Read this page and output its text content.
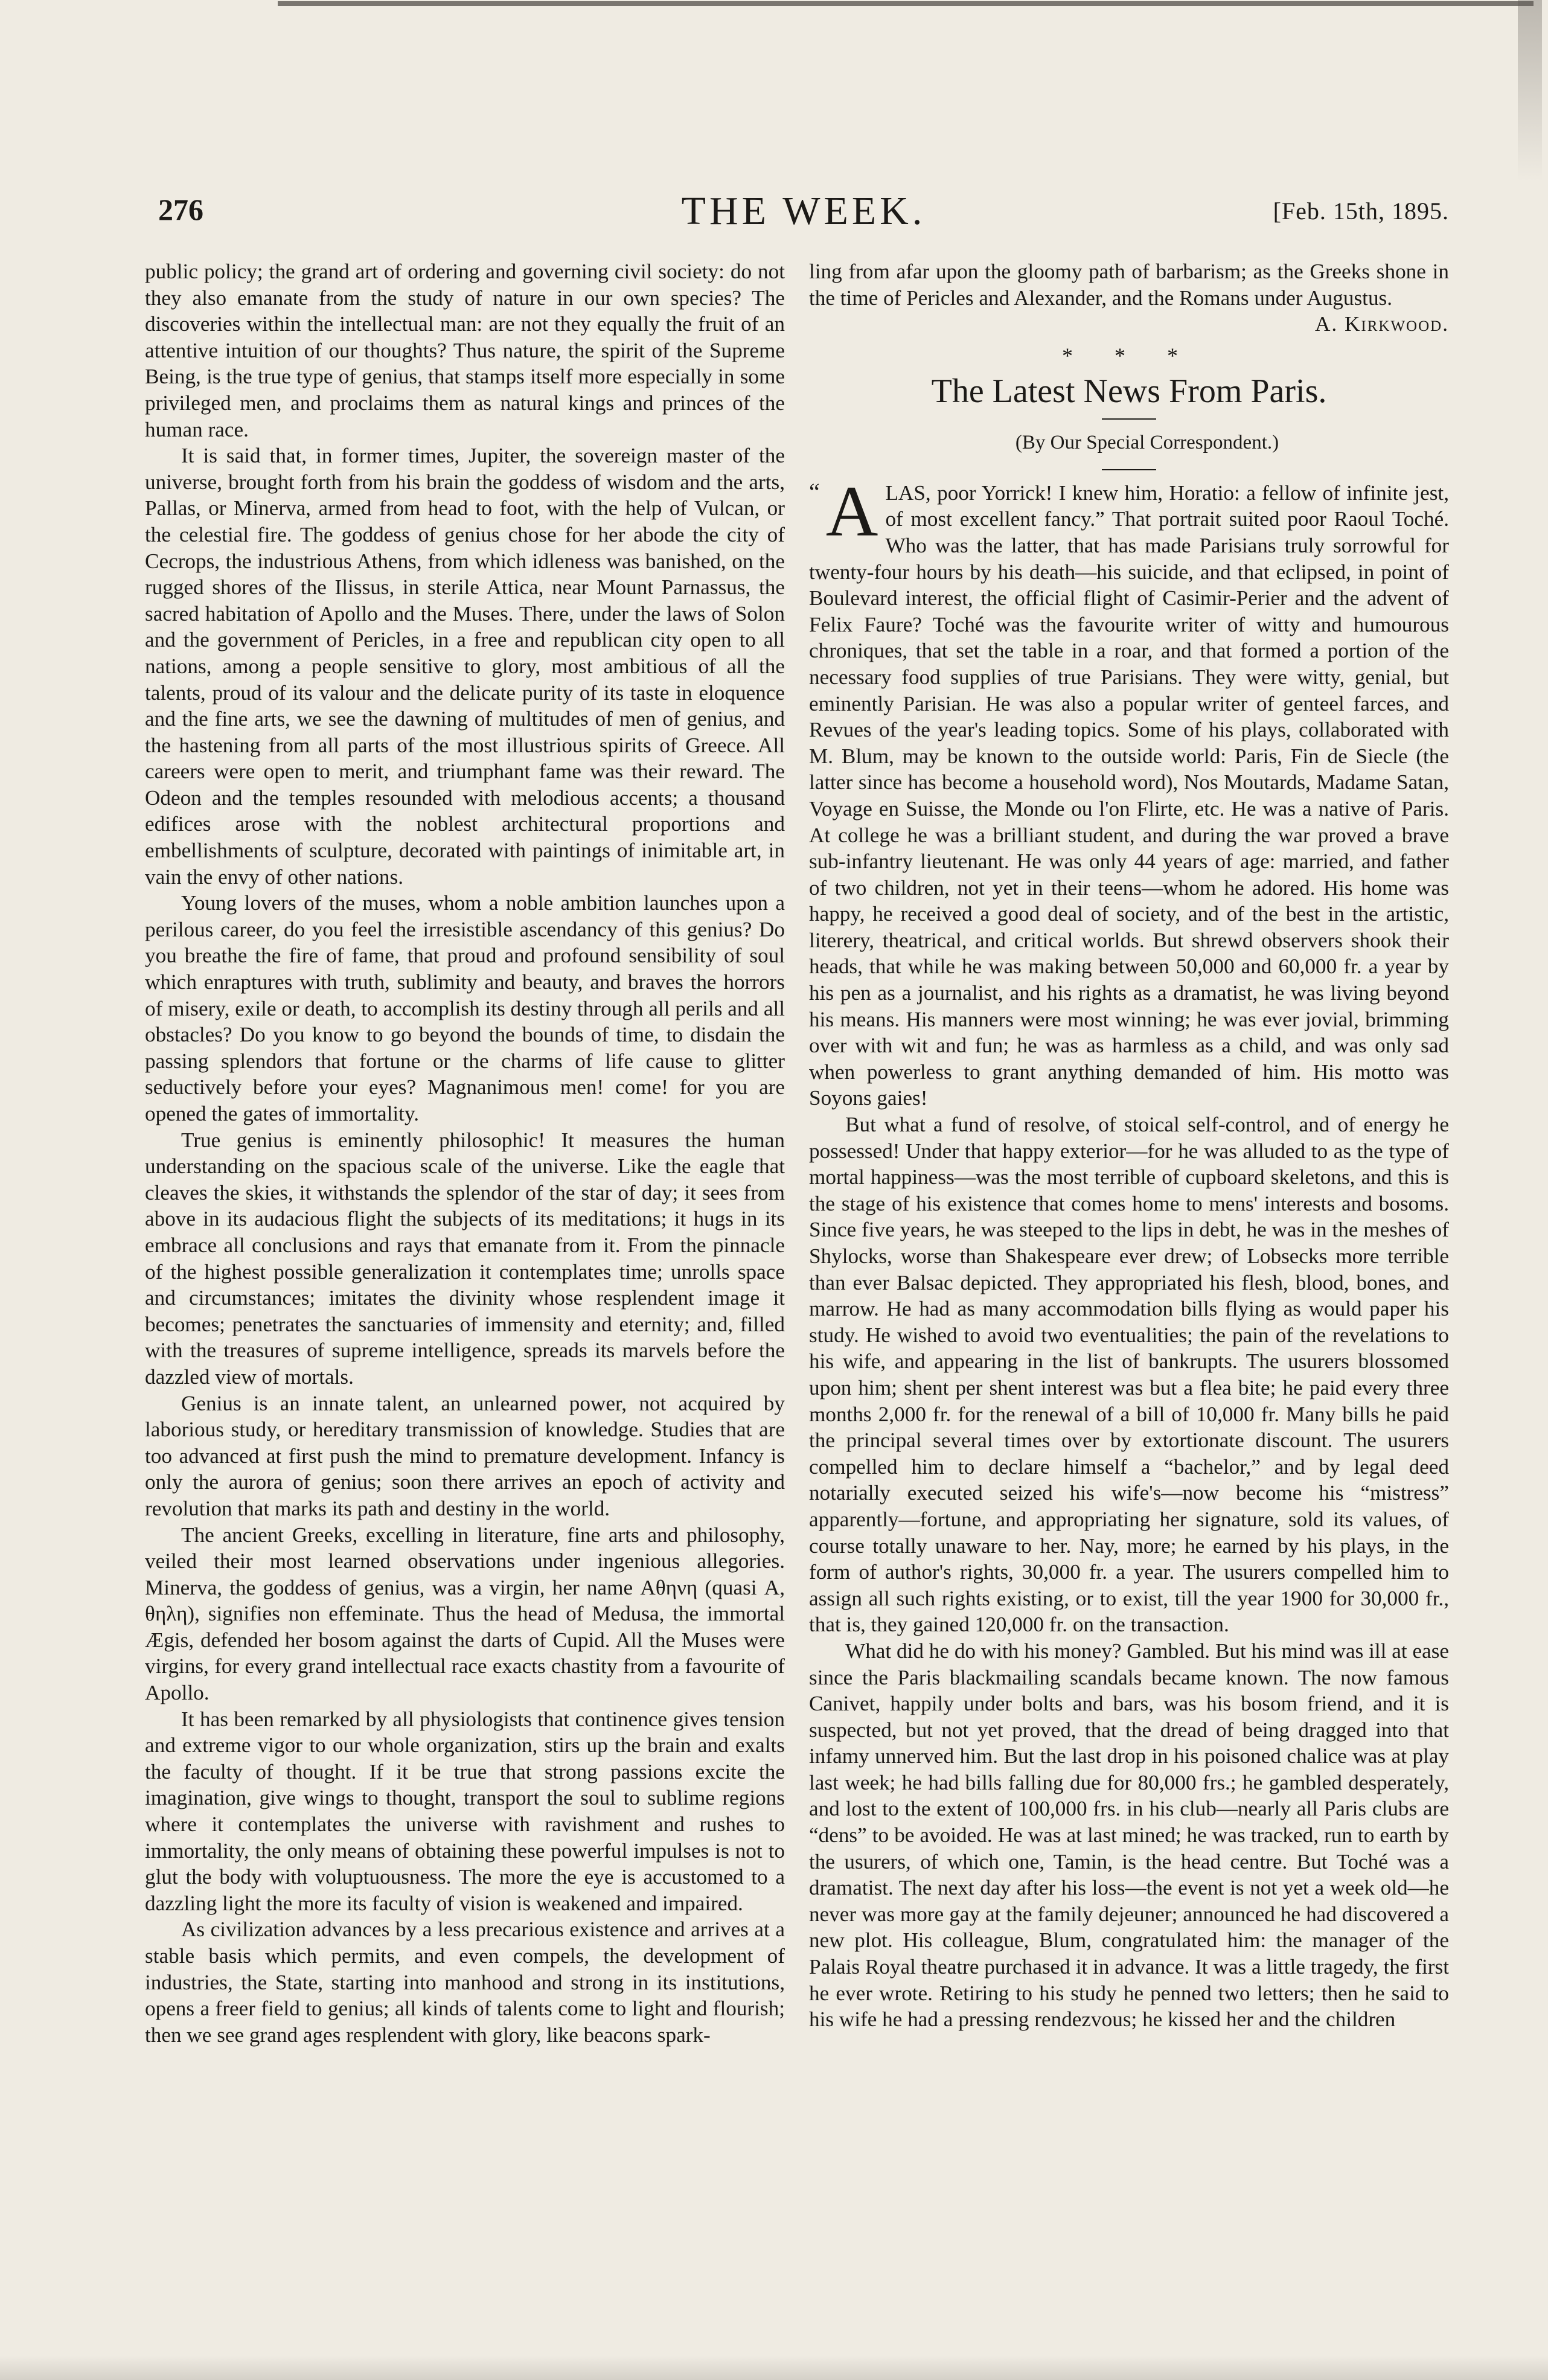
276	THE WEEK.	[Feb. 15th, 1895.

public policy; the grand art of ordering and governing civil society: do not they also emanate from the study of nature in our own species? The discoveries within the intellectual man: are not they equally the fruit of an attentive intuition of our thoughts? Thus nature, the spirit of the Supreme Being, is the true type of genius, that stamps itself more especially in some privileged men, and proclaims them as natural kings and princes of the human race.

It is said that, in former times, Jupiter, the sovereign master of the universe, brought forth from his brain the goddess of wisdom and the arts, Pallas, or Minerva, armed from head to foot, with the help of Vulcan, or the celestial fire. The goddess of genius chose for her abode the city of Cecrops, the industrious Athens, from which idleness was banished, on the rugged shores of the Ilissus, in sterile Attica, near Mount Parnassus, the sacred habitation of Apollo and the Muses. There, under the laws of Solon and the government of Pericles, in a free and republican city open to all nations, among a people sensitive to glory, most ambitious of all the talents, proud of its valour and the delicate purity of its taste in eloquence and the fine arts, we see the dawning of multitudes of men of genius, and the hastening from all parts of the most illustrious spirits of Greece. All careers were open to merit, and triumphant fame was their reward. The Odeon and the temples resounded with melodious accents; a thousand edifices arose with the noblest architectural proportions and embellishments of sculpture, decorated with paintings of inimitable art, in vain the envy of other nations.

Young lovers of the muses, whom a noble ambition launches upon a perilous career, do you feel the irresistible ascendancy of this genius? Do you breathe the fire of fame, that proud and profound sensibility of soul which enraptures with truth, sublimity and beauty, and braves the horrors of misery, exile or death, to accomplish its destiny through all perils and all obstacles? Do you know to go beyond the bounds of time, to disdain the passing splendors that fortune or the charms of life cause to glitter seductively before your eyes? Magnanimous men! come! for you are opened the gates of immortality.

True genius is eminently philosophic! It measures the human understanding on the spacious scale of the universe. Like the eagle that cleaves the skies, it withstands the splendor of the star of day; it sees from above in its audacious flight the subjects of its meditations; it hugs in its embrace all conclusions and rays that emanate from it. From the pinnacle of the highest possible generalization it contemplates time; unrolls space and circumstances; imitates the divinity whose resplendent image it becomes; penetrates the sanctuaries of immensity and eternity; and, filled with the treasures of supreme intelligence, spreads its marvels before the dazzled view of mortals.

Genius is an innate talent, an unlearned power, not acquired by laborious study, or hereditary transmission of knowledge. Studies that are too advanced at first push the mind to premature development. Infancy is only the aurora of genius; soon there arrives an epoch of activity and revolution that marks its path and destiny in the world.

The ancient Greeks, excelling in literature, fine arts and philosophy, veiled their most learned observations under ingenious allegories. Minerva, the goddess of genius, was a virgin, her name Αθηνη (quasi Α, θηλη), signifies non effeminate. Thus the head of Medusa, the immortal Ægis, defended her bosom against the darts of Cupid. All the Muses were virgins, for every grand intellectual race exacts chastity from a favourite of Apollo.

It has been remarked by all physiologists that continence gives tension and extreme vigor to our whole organization, stirs up the brain and exalts the faculty of thought. If it be true that strong passions excite the imagination, give wings to thought, transport the soul to sublime regions where it contemplates the universe with ravishment and rushes to immortality, the only means of obtaining these powerful impulses is not to glut the body with voluptuousness. The more the eye is accustomed to a dazzling light the more its faculty of vision is weakened and impaired.

As civilization advances by a less precarious existence and arrives at a stable basis which permits, and even compels, the development of industries, the State, starting into manhood and strong in its institutions, opens a freer field to genius; all kinds of talents come to light and flourish; then we see grand ages resplendent with glory, like beacons spark-

ling from afar upon the gloomy path of barbarism; as the Greeks shone in the time of Pericles and Alexander, and the Romans under Augustus.
A. Kirkwood.

* * *
The Latest News From Paris.

(By Our Special Correspondent.)

“ A LAS, poor Yorrick! I knew him, Horatio: a fellow of infinite jest, of most excellent fancy.” That portrait suited poor Raoul Toché. Who was the latter, that has made Parisians truly sorrowful for twenty-four hours by his death—his suicide, and that eclipsed, in point of Boulevard interest, the official flight of Casimir-Perier and the advent of Felix Faure? Toché was the favourite writer of witty and humourous chroniques, that set the table in a roar, and that formed a portion of the necessary food supplies of true Parisians. They were witty, genial, but eminently Parisian. He was also a popular writer of genteel farces, and Revues of the year's leading topics. Some of his plays, collaborated with M. Blum, may be known to the outside world: Paris, Fin de Siecle (the latter since has become a household word), Nos Moutards, Madame Satan, Voyage en Suisse, the Monde ou l'on Flirte, etc. He was a native of Paris. At college he was a brilliant student, and during the war proved a brave sub-infantry lieutenant. He was only 44 years of age: married, and father of two children, not yet in their teens—whom he adored. His home was happy, he received a good deal of society, and of the best in the artistic, literery, theatrical, and critical worlds. But shrewd observers shook their heads, that while he was making between 50,000 and 60,000 fr. a year by his pen as a journalist, and his rights as a dramatist, he was living beyond his means. His manners were most winning; he was ever jovial, brimming over with wit and fun; he was as harmless as a child, and was only sad when powerless to grant anything demanded of him. His motto was Soyons gaies!

But what a fund of resolve, of stoical self-control, and of energy he possessed! Under that happy exterior—for he was alluded to as the type of mortal happiness—was the most terrible of cupboard skeletons, and this is the stage of his existence that comes home to mens' interests and bosoms. Since five years, he was steeped to the lips in debt, he was in the meshes of Shylocks, worse than Shakespeare ever drew; of Lobsecks more terrible than ever Balsac depicted. They appropriated his flesh, blood, bones, and marrow. He had as many accommodation bills flying as would paper his study. He wished to avoid two eventualities; the pain of the revelations to his wife, and appearing in the list of bankrupts. The usurers blossomed upon him; shent per shent interest was but a flea bite; he paid every three months 2,000 fr. for the renewal of a bill of 10,000 fr. Many bills he paid the principal several times over by extortionate discount. The usurers compelled him to declare himself a “bachelor,” and by legal deed notarially executed seized his wife's—now become his “mistress” apparently—fortune, and appropriating her signature, sold its values, of course totally unaware to her. Nay, more; he earned by his plays, in the form of author's rights, 30,000 fr. a year. The usurers compelled him to assign all such rights existing, or to exist, till the year 1900 for 30,000 fr., that is, they gained 120,000 fr. on the transaction.

What did he do with his money? Gambled. But his mind was ill at ease since the Paris blackmailing scandals became known. The now famous Canivet, happily under bolts and bars, was his bosom friend, and it is suspected, but not yet proved, that the dread of being dragged into that infamy unnerved him. But the last drop in his poisoned chalice was at play last week; he had bills falling due for 80,000 frs.; he gambled desperately, and lost to the extent of 100,000 frs. in his club—nearly all Paris clubs are “dens” to be avoided. He was at last mined; he was tracked, run to earth by the usurers, of which one, Tamin, is the head centre. But Toché was a dramatist. The next day after his loss—the event is not yet a week old—he never was more gay at the family dejeuner; announced he had discovered a new plot. His colleague, Blum, congratulated him: the manager of the Palais Royal theatre purchased it in advance. It was a little tragedy, the first he ever wrote. Retiring to his study he penned two letters; then he said to his wife he had a pressing rendezvous; he kissed her and the children
